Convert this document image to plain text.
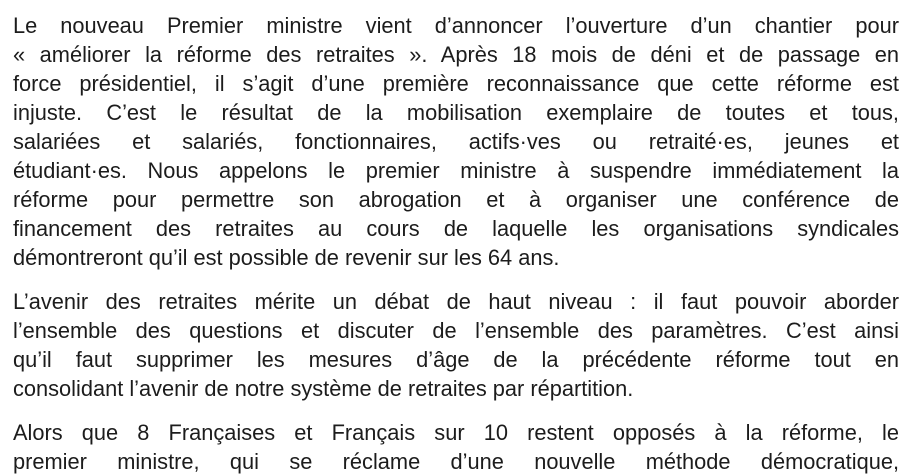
Le nouveau Premier ministre vient d’annoncer l’ouverture d’un chantier pour
« améliorer la réforme des retraites ». Après 18 mois de déni et de passage en
force présidentiel, il s’agit d’une première reconnaissance que cette réforme est
injuste. C’est le résultat de la mobilisation exemplaire de toutes et tous,
salariées et salariés, fonctionnaires, actifs·ves ou retraité·es, jeunes et
étudiant·es. Nous appelons le premier ministre à suspendre immédiatement la
réforme pour permettre son abrogation et à organiser une conférence de
financement des retraites au cours de laquelle les organisations syndicales
démontreront qu’il est possible de revenir sur les 64 ans.
L’avenir des retraites mérite un débat de haut niveau : il faut pouvoir aborder
l’ensemble des questions et discuter de l’ensemble des paramètres. C’est ainsi
qu’il faut supprimer les mesures d’âge de la précédente réforme tout en
consolidant l’avenir de notre système de retraites par répartition.
Alors que 8 Françaises et Français sur 10 restent opposés à la réforme, le
premier ministre, qui se réclame d’une nouvelle méthode démocratique,
